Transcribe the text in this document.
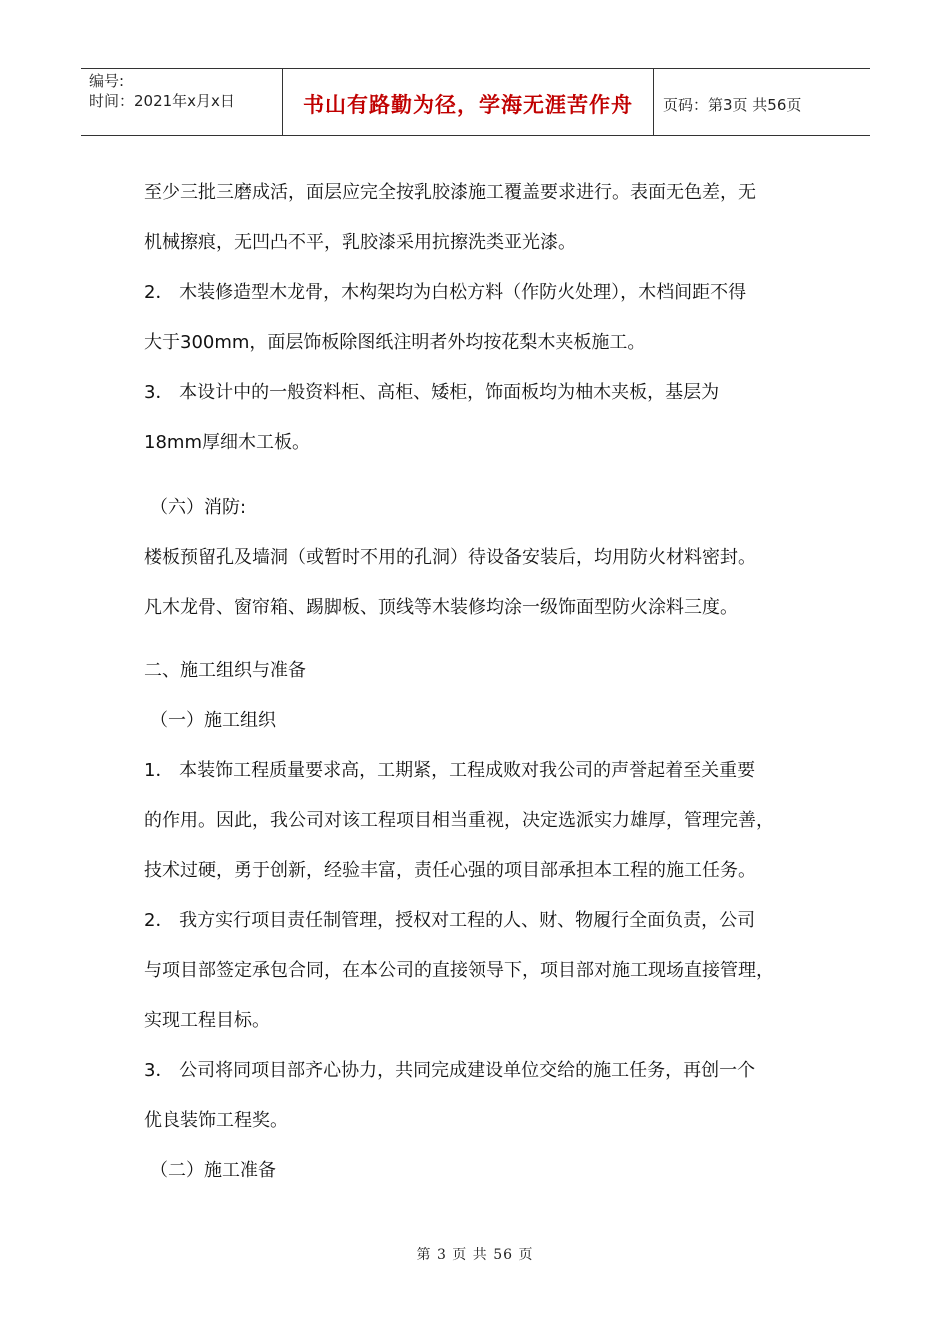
编号:
时间：2021年x月x日	书山有路勤为径，学海无涯苦作舟 页码：第3页 共56页
至少三批三磨成活，面层应完全按乳胶漆施工覆盖要求进行。表面无色差，无
机械擦痕，无凹凸不平，乳胶漆采用抗擦洗类亚光漆。
2． 木装修造型木龙骨，木构架均为白松方料（作防火处理），木档间距不得
大于300mm，面层饰板除图纸注明者外均按花梨木夹板施工。
3． 本设计中的一般资料柜、高柜、矮柜，饰面板均为柚木夹板，基层为
18mm厚细木工板。
（六）消防:
楼板预留孔及墙洞（或暂时不用的孔洞）待设备安装后，均用防火材料密封。
凡木龙骨、窗帘箱、踢脚板、顶线等木装修均涂一级饰面型防火涂料三度。
二、施工组织与准备
（一）施工组织
1． 本装饰工程质量要求高，工期紧，工程成败对我公司的声誉起着至关重要
的作用。因此，我公司对该工程项目相当重视，决定选派实力雄厚，管理完善，
技术过硬，勇于创新，经验丰富，责任心强的项目部承担本工程的施工任务。
2． 我方实行项目责任制管理，授权对工程的人、财、物履行全面负责，公司
与项目部签定承包合同，在本公司的直接领导下，项目部对施工现场直接管理，
实现工程目标。
3． 公司将同项目部齐心协力，共同完成建设单位交给的施工任务，再创一个
优良装饰工程奖。
（二）施工准备
第 3 页 共 56 页
